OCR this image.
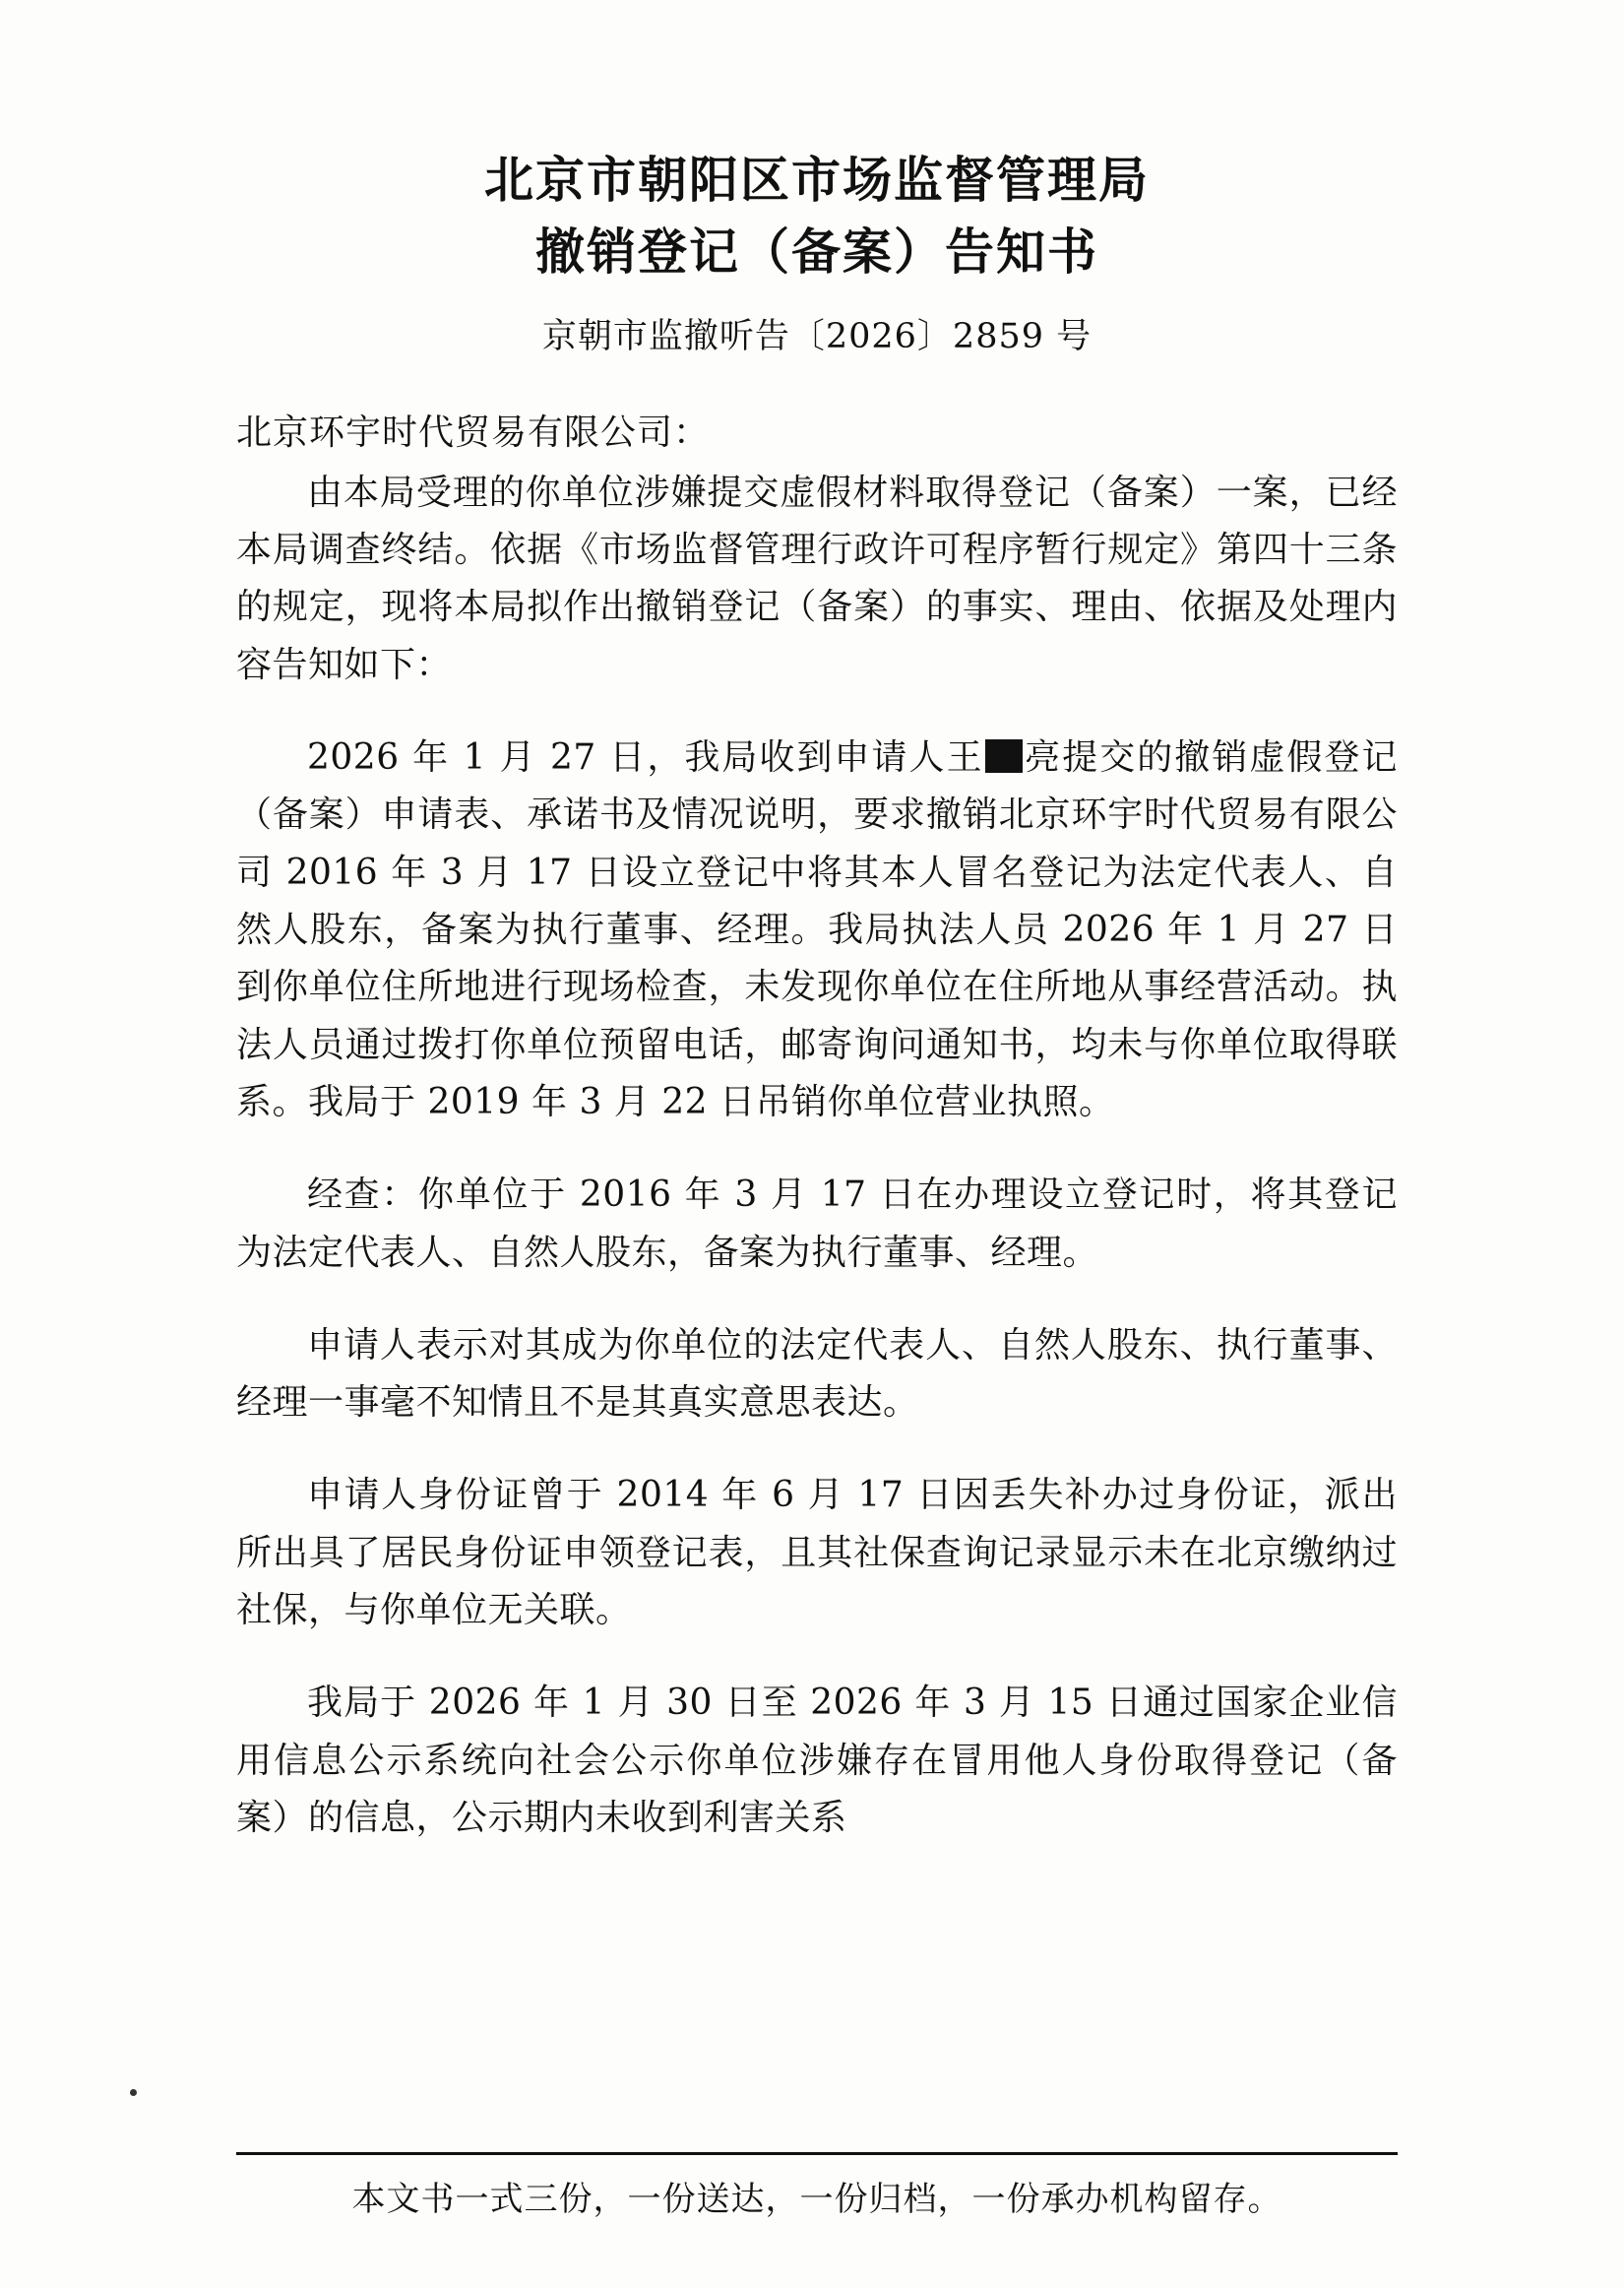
北京市朝阳区市场监督管理局
撤销登记（备案）告知书
京朝市监撤听告〔2026〕2859 号
北京环宇时代贸易有限公司：

由本局受理的你单位涉嫌提交虚假材料取得登记（备案）一案，已经本局调查终结。依据《市场监督管理行政许可程序暂行规定》第四十三条的规定，现将本局拟作出撤销登记（备案）的事实、理由、依据及处理内容告知如下：

2026 年 1 月 27 日，我局收到申请人王 亮提交的撤销虚假登记（备案）申请表、承诺书及情况说明，要求撤销北京环宇时代贸易有限公司 2016 年 3 月 17 日设立登记中将其本人冒名登记为法定代表人、自然人股东，备案为执行董事、经理。我局执法人员 2026 年 1 月 27 日到你单位住所地进行现场检查，未发现你单位在住所地从事经营活动。执法人员通过拨打你单位预留电话，邮寄询问通知书，均未与你单位取得联系。我局于 2019 年 3 月 22 日吊销你单位营业执照。

经查：你单位于 2016 年 3 月 17 日在办理设立登记时，将其登记为法定代表人、自然人股东，备案为执行董事、经理。

申请人表示对其成为你单位的法定代表人、自然人股东、执行董事、经理一事毫不知情且不是其真实意思表达。

申请人身份证曾于 2014 年 6 月 17 日因丢失补办过身份证，派出所出具了居民身份证申领登记表，且其社保查询记录显示未在北京缴纳过社保，与你单位无关联。

我局于 2026 年 1 月 30 日至 2026 年 3 月 15 日通过国家企业信用信息公示系统向社会公示你单位涉嫌存在冒用他人身份取得登记（备案）的信息，公示期内未收到利害关系

本文书一式三份，一份送达，一份归档，一份承办机构留存。
